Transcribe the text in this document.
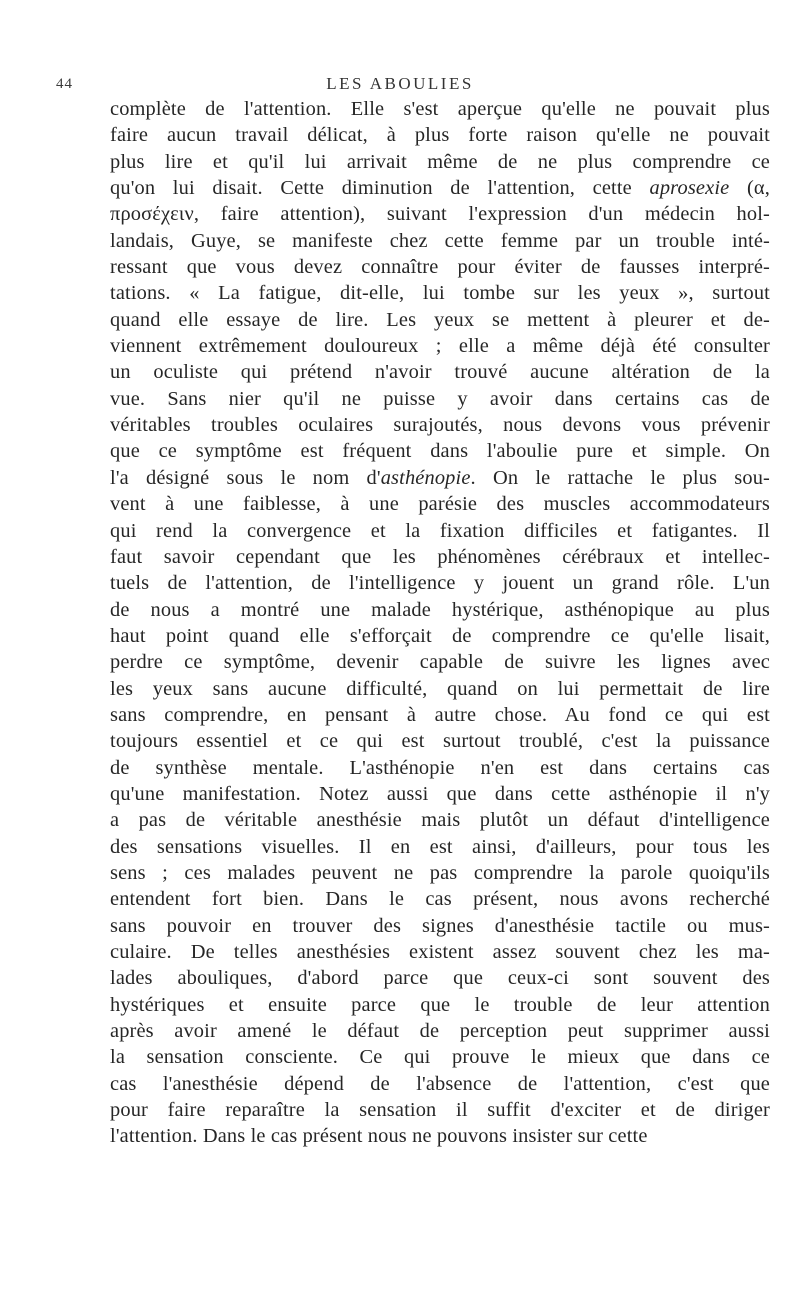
44	LES ABOULIES
complète de l'attention. Elle s'est aperçue qu'elle ne pouvait plus
faire aucun travail délicat, à plus forte raison qu'elle ne pouvait
plus lire et qu'il lui arrivait même de ne plus comprendre ce
qu'on lui disait. Cette diminution de l'attention, cette aprosexie (α,
προσέχειν, faire attention), suivant l'expression d'un médecin hol-
landais, Guye, se manifeste chez cette femme par un trouble inté-
ressant que vous devez connaître pour éviter de fausses interpré-
tations. « La fatigue, dit-elle, lui tombe sur les yeux », surtout
quand elle essaye de lire. Les yeux se mettent à pleurer et de-
viennent extrêmement douloureux ; elle a même déjà été consulter
un oculiste qui prétend n'avoir trouvé aucune altération de la
vue. Sans nier qu'il ne puisse y avoir dans certains cas de
véritables troubles oculaires surajoutés, nous devons vous prévenir
que ce symptôme est fréquent dans l'aboulie pure et simple. On
l'a désigné sous le nom d'asthénopie. On le rattache le plus sou-
vent à une faiblesse, à une parésie des muscles accommodateurs
qui rend la convergence et la fixation difficiles et fatigantes. Il
faut savoir cependant que les phénomènes cérébraux et intellec-
tuels de l'attention, de l'intelligence y jouent un grand rôle. L'un
de nous a montré une malade hystérique, asthénopique au plus
haut point quand elle s'efforçait de comprendre ce qu'elle lisait,
perdre ce symptôme, devenir capable de suivre les lignes avec
les yeux sans aucune difficulté, quand on lui permettait de lire
sans comprendre, en pensant à autre chose. Au fond ce qui est
toujours essentiel et ce qui est surtout troublé, c'est la puissance
de synthèse mentale. L'asthénopie n'en est dans certains cas
qu'une manifestation. Notez aussi que dans cette asthénopie il n'y
a pas de véritable anesthésie mais plutôt un défaut d'intelligence
des sensations visuelles. Il en est ainsi, d'ailleurs, pour tous les
sens ; ces malades peuvent ne pas comprendre la parole quoiqu'ils
entendent fort bien. Dans le cas présent, nous avons recherché
sans pouvoir en trouver des signes d'anesthésie tactile ou mus-
culaire. De telles anesthésies existent assez souvent chez les ma-
lades abouliques, d'abord parce que ceux-ci sont souvent des
hystériques et ensuite parce que le trouble de leur attention
après avoir amené le défaut de perception peut supprimer aussi
la sensation consciente. Ce qui prouve le mieux que dans ce
cas l'anesthésie dépend de l'absence de l'attention, c'est que
pour faire reparaître la sensation il suffit d'exciter et de diriger
l'attention. Dans le cas présent nous ne pouvons insister sur cette
